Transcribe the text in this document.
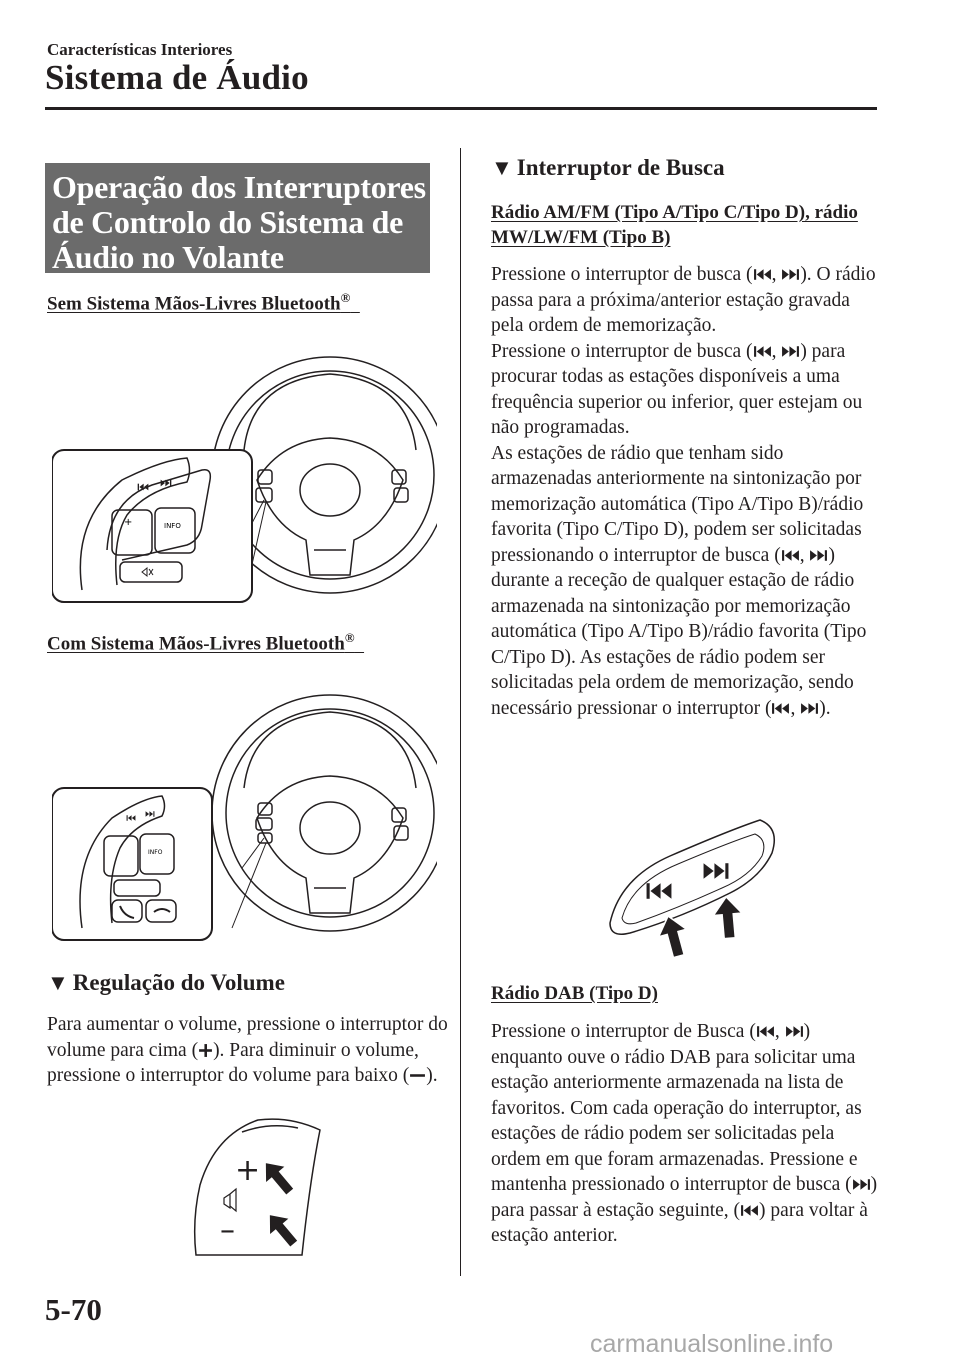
Características Interiores
Sistema de Áudio
Operação dos Interruptores de Controlo do Sistema de Áudio no Volante
Sem Sistema Mãos-Livres Bluetooth®
+	INFO
Com Sistema Mãos-Livres Bluetooth®
INFO
▼ Regulação do Volume

Para aumentar o volume, pressione o interruptor do volume para cima ( ). Para diminuir o volume, pressione o interruptor do volume para baixo ( ).

+
–
▼ Interruptor de Busca
Rádio AM/FM (Tipo A/Tipo C/Tipo D), rádio MW/LW/FM (Tipo B)

Pressione o interruptor de busca ( , ). O rádio passa para a próxima/anterior estação gravada pela ordem de memorização.

Pressione o interruptor de busca ( , ) para procurar todas as estações disponíveis a uma frequência superior ou inferior, quer estejam ou não programadas.

As estações de rádio que tenham sido armazenadas anteriormente na sintonização por memorização automática (Tipo A/Tipo B)/rádio favorita (Tipo C/Tipo D), podem ser solicitadas pressionando o interruptor de busca ( , ) durante a receção de qualquer estação de rádio armazenada na sintonização por memorização automática (Tipo A/Tipo B)/rádio favorita (Tipo C/Tipo D). As estações de rádio podem ser solicitadas pela ordem de memorização, sendo necessário pressionar o interruptor ( , ).

Rádio DAB (Tipo D)

Pressione o interruptor de Busca ( , ) enquanto ouve o rádio DAB para solicitar uma estação anteriormente armazenada na lista de favoritos. Com cada operação do interruptor, as estações de rádio podem ser solicitadas pela ordem em que foram armazenadas. Pressione e mantenha pressionado o interruptor de busca ( ) para passar à estação seguinte, ( ) para voltar à estação anterior.

5-70
carmanualsonline.info
